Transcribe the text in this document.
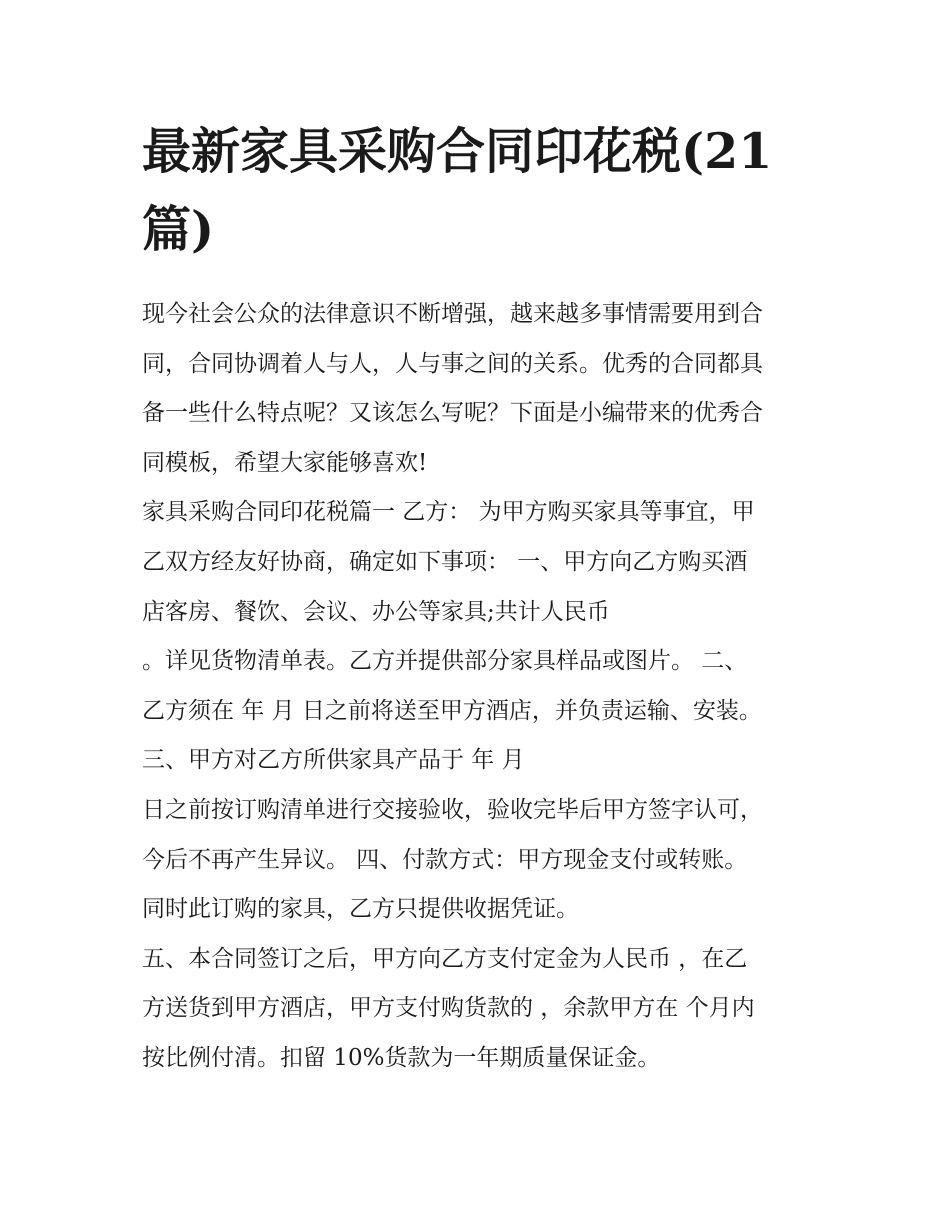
最新家具采购合同印花税(21
篇)

现今社会公众的法律意识不断增强，越来越多事情需要用到合

同，合同协调着人与人，人与事之间的关系。优秀的合同都具

备一些什么特点呢？又该怎么写呢？下面是小编带来的优秀合

同模板，希望大家能够喜欢!

家具采购合同印花税篇一 乙方： 为甲方购买家具等事宜，甲

乙双方经友好协商，确定如下事项： 一、甲方向乙方购买酒

店客房、餐饮、会议、办公等家具;共计人民币

。详见货物清单表。乙方并提供部分家具样品或图片。 二、

乙方须在 年 月 日之前将送至甲方酒店，并负责运输、安装。

三、甲方对乙方所供家具产品于 年 月

日之前按订购清单进行交接验收，验收完毕后甲方签字认可，

今后不再产生异议。 四、付款方式：甲方现金支付或转账。

同时此订购的家具，乙方只提供收据凭证。

五、本合同签订之后，甲方向乙方支付定金为人民币 ，在乙

方送货到甲方酒店，甲方支付购货款的 ，余款甲方在 个月内

按比例付清。扣留 10%货款为一年期质量保证金。
